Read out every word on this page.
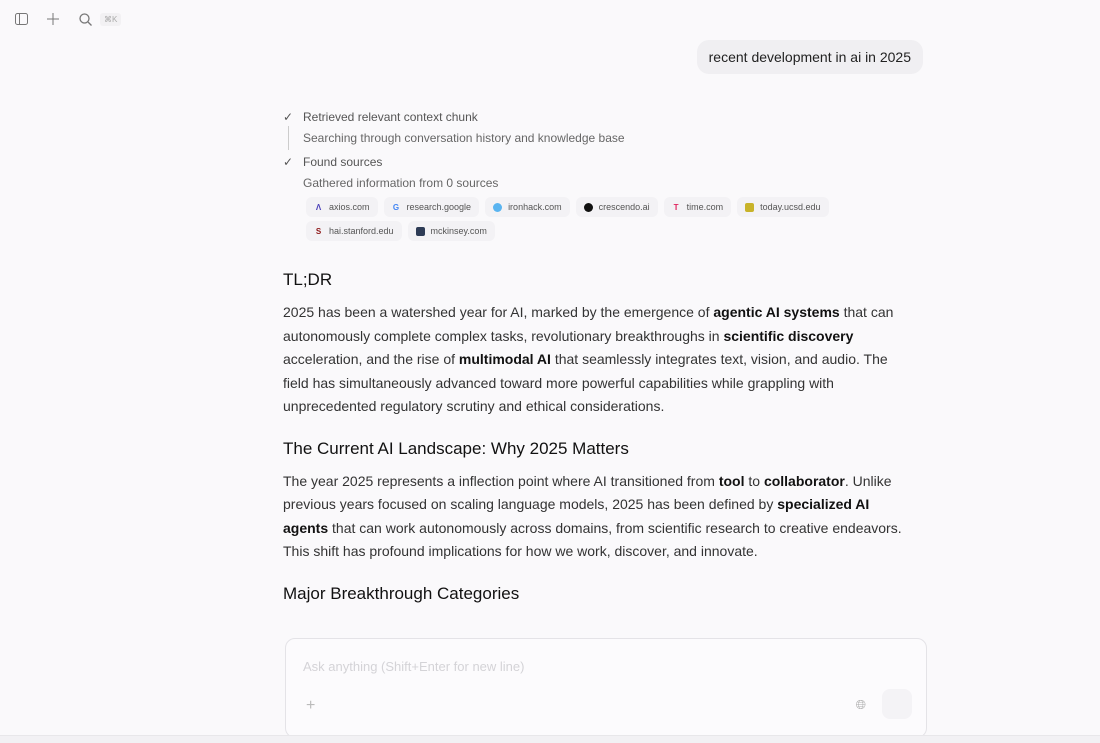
⌘K
recent development in ai in 2025
✓ Retrieved relevant context chunk
Searching through conversation history and knowledge base
✓ Found sources
Gathered information from 0 sources
Λ axios.com	G research.google	ironhack.com	crescendo.ai	T time.com	today.ucsd.edu
S hai.stanford.edu	mckinsey.com
TL;DR

2025 has been a watershed year for AI, marked by the emergence of agentic AI systems that can autonomously complete complex tasks, revolutionary breakthroughs in scientific discovery acceleration, and the rise of multimodal AI that seamlessly integrates text, vision, and audio. The field has simultaneously advanced toward more powerful capabilities while grappling with unprecedented regulatory scrutiny and ethical considerations.

The Current AI Landscape: Why 2025 Matters

The year 2025 represents a inflection point where AI transitioned from tool to collaborator. Unlike previous years focused on scaling language models, 2025 has been defined by specialized AI agents that can work autonomously across domains, from scientific research to creative endeavors. This shift has profound implications for how we work, discover, and innovate.

Major Breakthrough Categories
Ask anything (Shift+Enter for new line)
+	🌐︎
